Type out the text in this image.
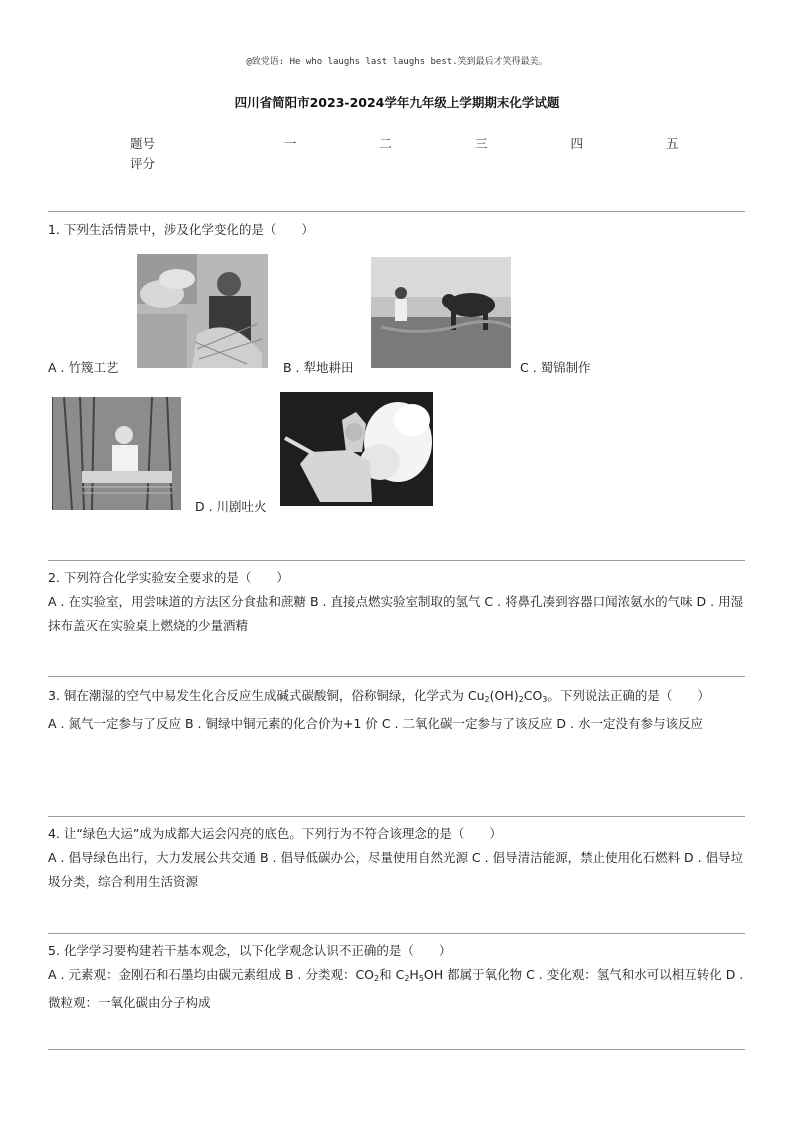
@致党语: He who laughs last laughs best.笑到最后才笑得最美。
四川省简阳市2023-2024学年九年级上学期期末化学试题
题号	一	二	三	四	五
评分
1. 下列生活情景中，涉及化学变化的是（　　）
A . 竹篾工艺	B . 犁地耕田	C . 蜀锦制作
D . 川剧吐火

2. 下列符合化学实验安全要求的是（　　）

A . 在实验室，用尝味道的方法区分食盐和蔗糖 B . 直接点燃实验室制取的氢气 C . 将鼻孔凑到容器口闻浓氨水的气味 D . 用湿抹布盖灭在实验桌上燃烧的少量酒精

3. 铜在潮湿的空气中易发生化合反应生成碱式碳酸铜，俗称铜绿，化学式为 $Cu_2(OH)_2CO_3$。下列说法正确的是（　　）

A . 氮气一定参与了反应 B . 铜绿中铜元素的化合价为+1 价 C . 二氧化碳一定参与了该反应 D . 水一定没有参与该反应

4. 让“绿色大运”成为成都大运会闪亮的底色。下列行为不符合该理念的是（　　）

A . 倡导绿色出行，大力发展公共交通 B . 倡导低碳办公，尽量使用自然光源 C . 倡导清洁能源，禁止使用化石燃料 D . 倡导垃圾分类，综合利用生活资源

5. 化学学习要构建若干基本观念，以下化学观念认识不正确的是（　　）

A . 元素观：金刚石和石墨均由碳元素组成 B . 分类观：$CO_2$和 $C_2H_5OH$ 都属于氧化物 C . 变化观：氢气和水可以相互转化 D . 微粒观：一氧化碳由分子构成
